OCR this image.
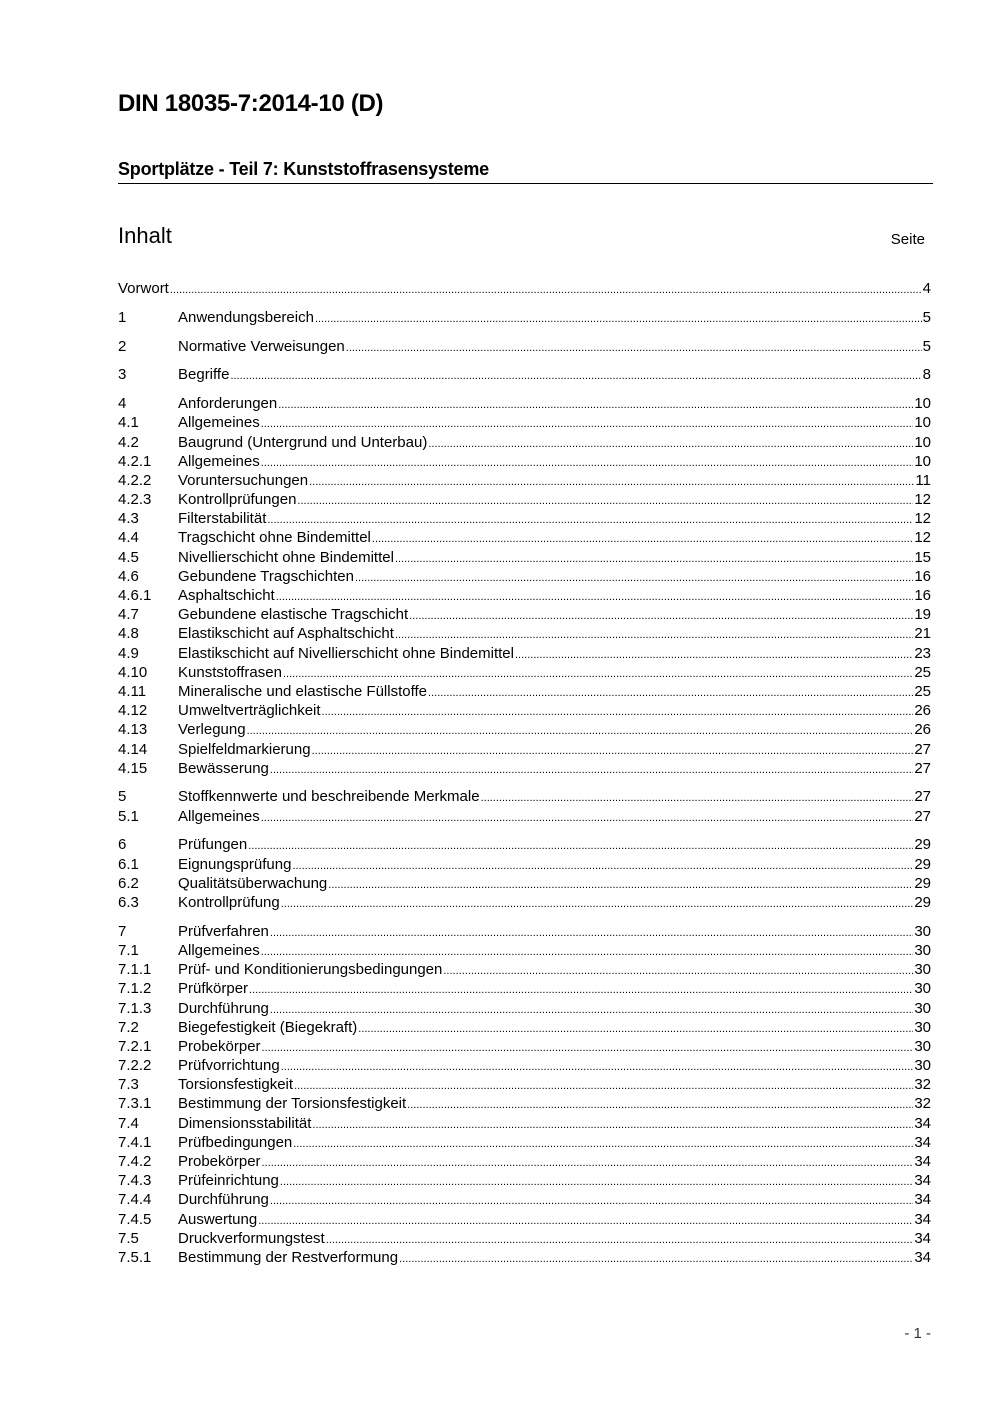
DIN 18035-7:2014-10 (D)
Sportplätze - Teil 7: Kunststoffrasensysteme
Inhalt	Seite
Vorwort .....	4
1	Anwendungsbereich .....	5
2	Normative Verweisungen .....	5
3	Begriffe .....	8
4	Anforderungen .....	10
4.1	Allgemeines .....	10
4.2	Baugrund (Untergrund und Unterbau) .....	10
4.2.1	Allgemeines .....	10
4.2.2	Voruntersuchungen .....	11
4.2.3	Kontrollprüfungen .....	12
4.3	Filterstabilität .....	12
4.4	Tragschicht ohne Bindemittel .....	12
4.5	Nivellierschicht ohne Bindemittel .....	15
4.6	Gebundene Tragschichten .....	16
4.6.1	Asphaltschicht .....	16
4.7	Gebundene elastische Tragschicht .....	19
4.8	Elastikschicht auf Asphaltschicht .....	21
4.9	Elastikschicht auf Nivellierschicht ohne Bindemittel .....	23
4.10	Kunststoffrasen .....	25
4.11	Mineralische und elastische Füllstoffe .....	25
4.12	Umweltverträglichkeit .....	26
4.13	Verlegung .....	26
4.14	Spielfeldmarkierung .....	27
4.15	Bewässerung .....	27
5	Stoffkennwerte und beschreibende Merkmale .....	27
5.1	Allgemeines .....	27
6	Prüfungen .....	29
6.1	Eignungsprüfung .....	29
6.2	Qualitätsüberwachung .....	29
6.3	Kontrollprüfung .....	29
7	Prüfverfahren .....	30
7.1	Allgemeines .....	30
7.1.1	Prüf- und Konditionierungsbedingungen .....	30
7.1.2	Prüfkörper .....	30
7.1.3	Durchführung .....	30
7.2	Biegefestigkeit (Biegekraft) .....	30
7.2.1	Probekörper .....	30
7.2.2	Prüfvorrichtung .....	30
7.3	Torsionsfestigkeit .....	32
7.3.1	Bestimmung der Torsionsfestigkeit .....	32
7.4	Dimensionsstabilität .....	34
7.4.1	Prüfbedingungen .....	34
7.4.2	Probekörper .....	34
7.4.3	Prüfeinrichtung .....	34
7.4.4	Durchführung .....	34
7.4.5	Auswertung .....	34
7.5	Druckverformungstest .....	34
7.5.1	Bestimmung der Restverformung .....	34
- 1 -
